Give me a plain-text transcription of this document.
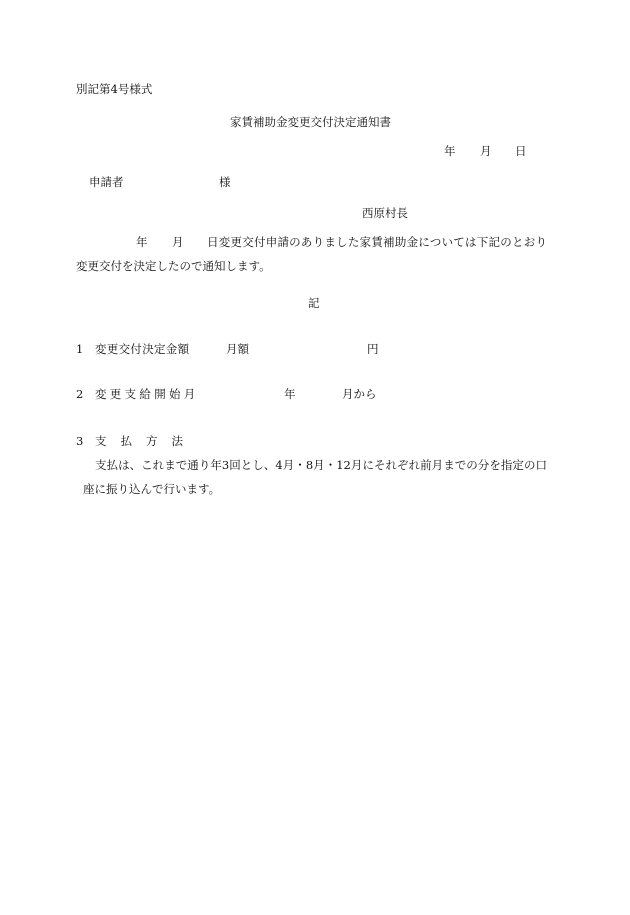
別記第4号様式
家賃補助金変更交付決定通知書
年 月 日
申請者	様
西原村長
年 月 日変更交付申請のありました家賃補助金については下記のとおり
変更交付を決定したので通知します。
記
1 変更交付決定金額	月額	円
2 変更支給開始月	年	月から
3 支払方法
支払は、これまで通り年3回とし、4月・8月・12月にそれぞれ前月までの分を指定の口
座に振り込んで行います。
